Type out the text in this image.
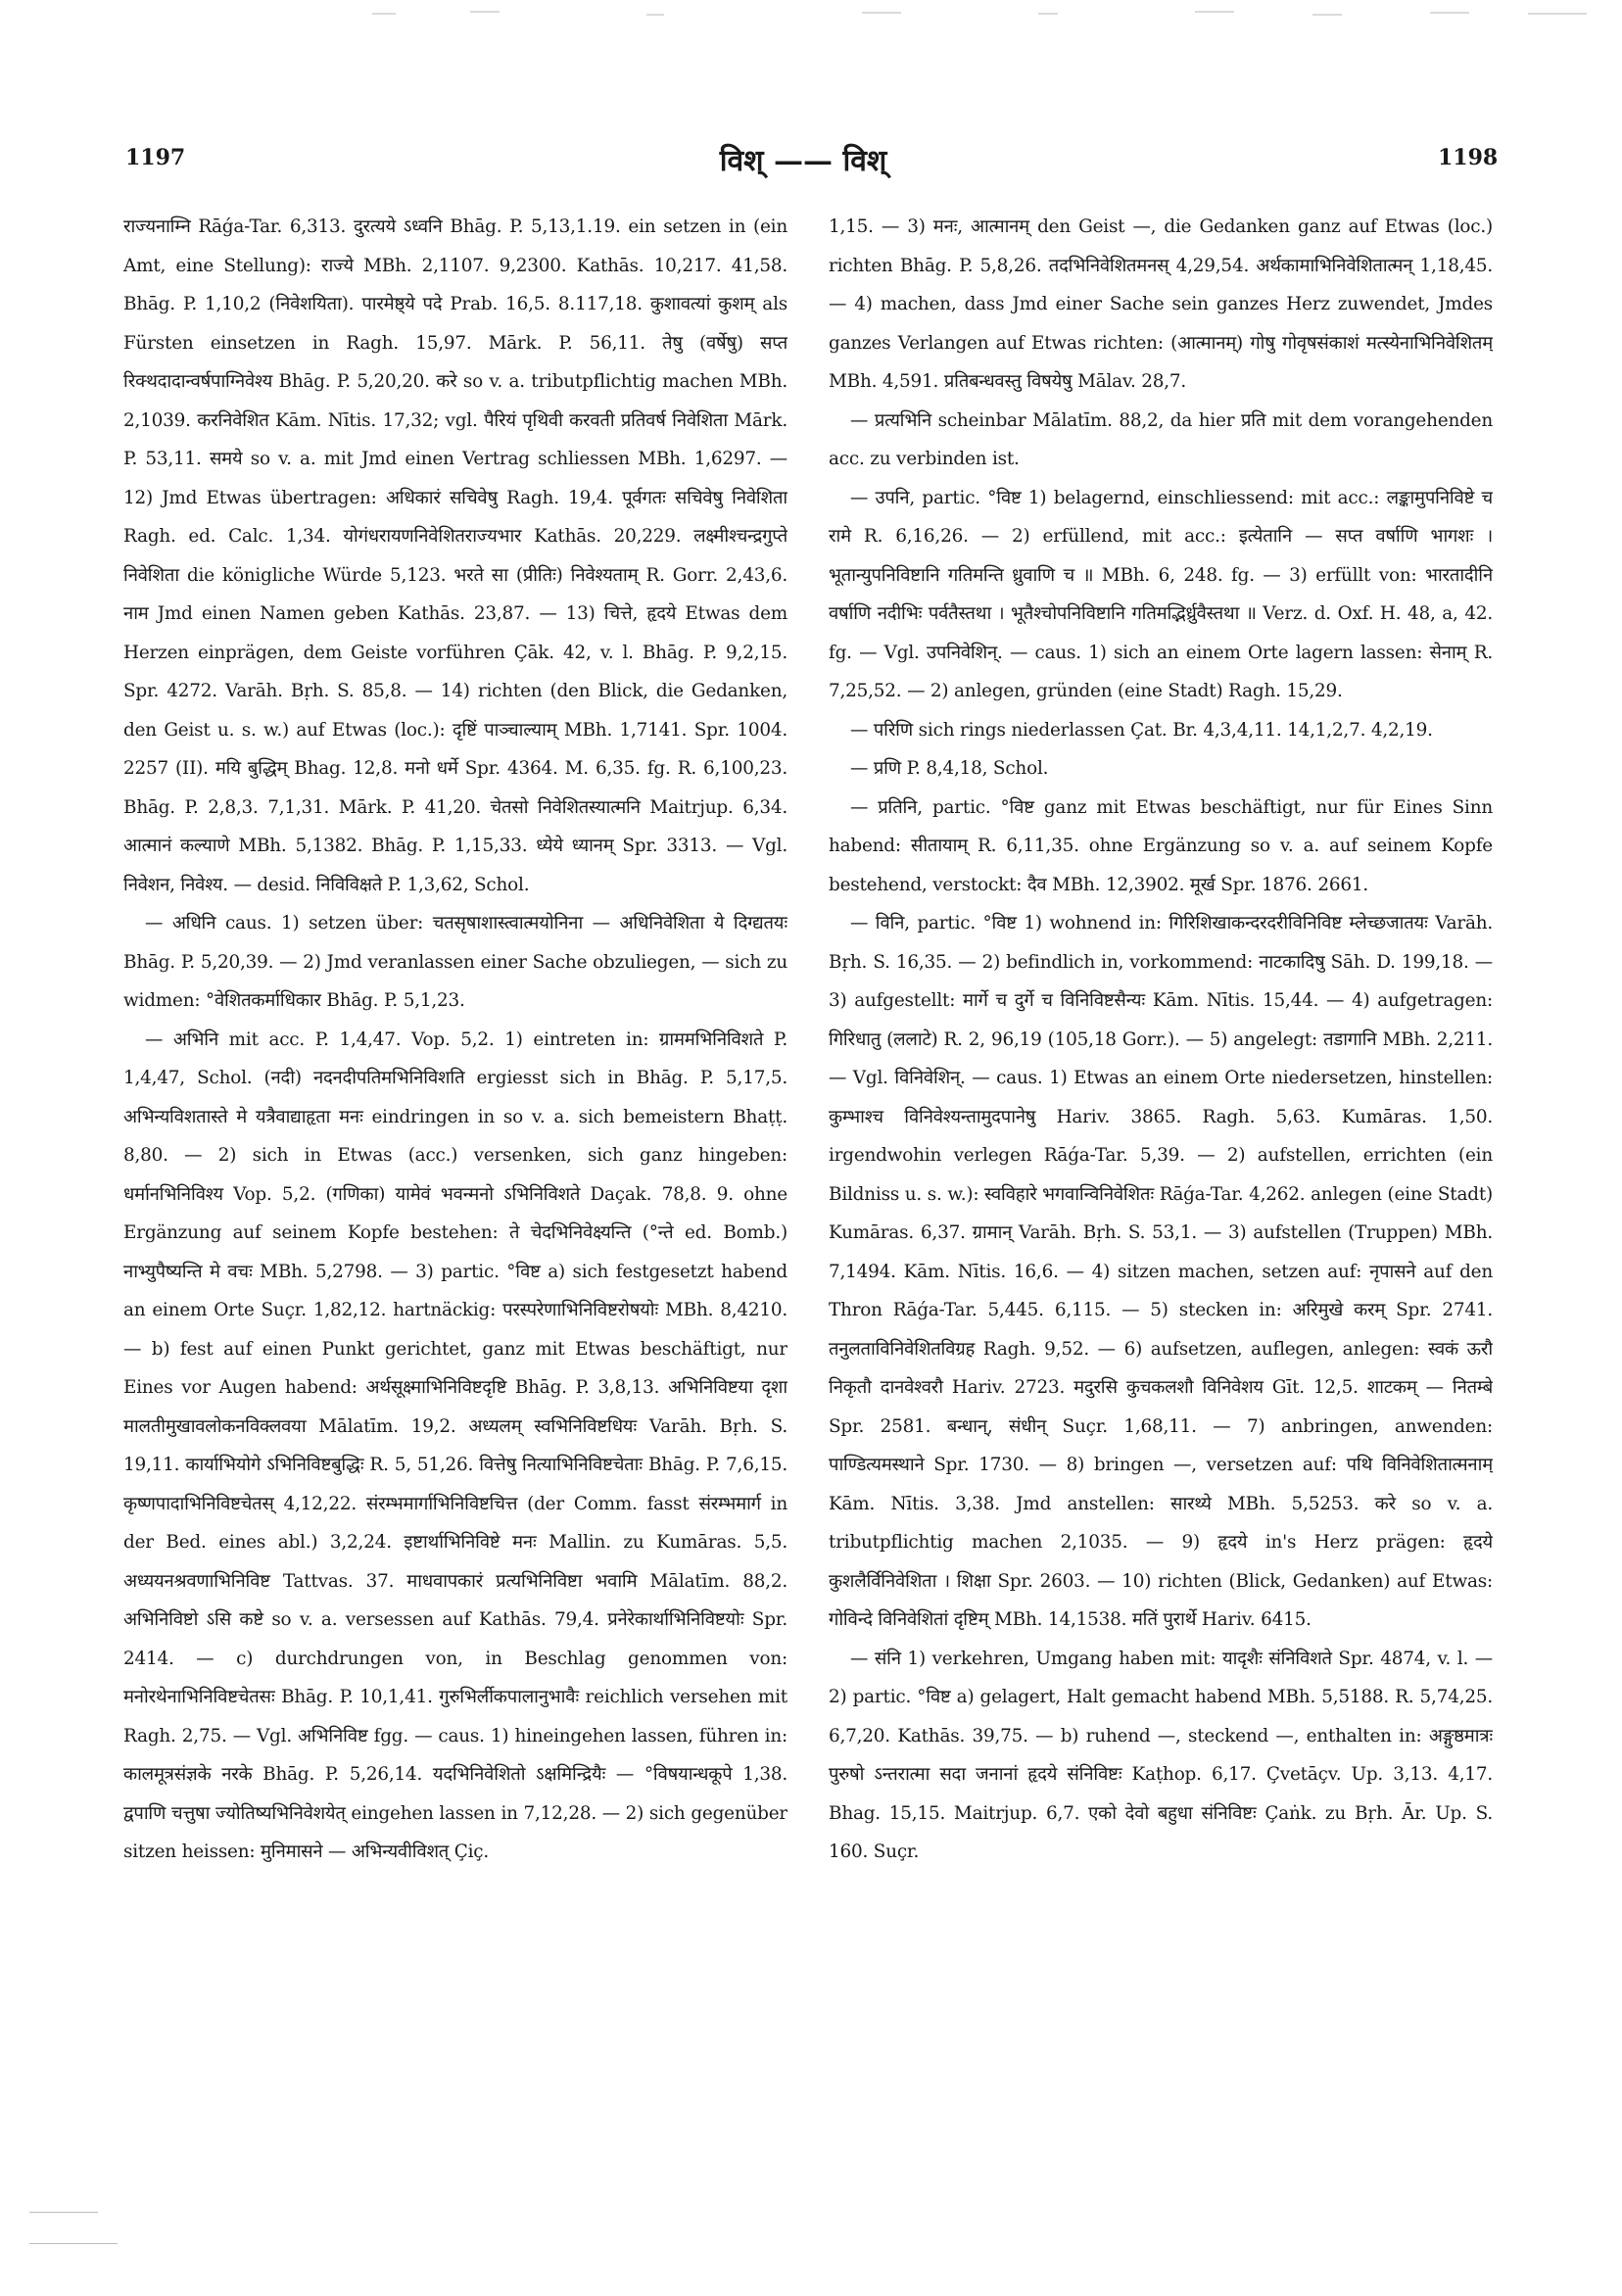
1197	विश् —— विश्	1198

राज्यनाम्नि Rāǵa-Tar. 6,313. दुरत्यये ऽध्वनि Bhāg. P. 5,13,1.19. ein setzen in (ein Amt, eine Stellung): राज्ये MBh. 2,1107. 9,2300. Kathās. 10,217. 41,58. Bhāg. P. 1,10,2 (निवेशयिता). पारमेष्ठ्ये पदे Prab. 16,5. 8.117,18. कुशावत्यां कुशम् als Fürsten einsetzen in Ragh. 15,97. Mārk. P. 56,11. तेषु (वर्षेषु) सप्त रिक्थदादान्वर्षपाग्निवेश्य Bhāg. P. 5,20,20. करे so v. a. tributpflichtig machen MBh. 2,1039. करनिवेशित Kām. Nītis. 17,32; vgl. पैरियं पृथिवी करवती प्रतिवर्ष निवेशिता Mārk. P. 53,11. समये so v. a. mit Jmd einen Vertrag schliessen MBh. 1,6297. — 12) Jmd Etwas übertragen: अधिकारं सचिवेषु Ragh. 19,4. पूर्वगतः सचिवेषु निवेशिता Ragh. ed. Calc. 1,34. योगंधरायणनिवेशितराज्यभार Kathās. 20,229. लक्ष्मीश्चन्द्रगुप्ते निवेशिता die königliche Würde 5,123. भरते सा (प्रीतिः) निवेश्यताम् R. Gorr. 2,43,6. नाम Jmd einen Namen geben Kathās. 23,87. — 13) चित्ते, हृदये Etwas dem Herzen einprägen, dem Geiste vorführen Çāk. 42, v. l. Bhāg. P. 9,2,15. Spr. 4272. Varāh. Bṛh. S. 85,8. — 14) richten (den Blick, die Gedanken, den Geist u. s. w.) auf Etwas (loc.): दृष्टिं पाञ्चाल्याम् MBh. 1,7141. Spr. 1004. 2257 (II). मयि बुद्धिम् Bhag. 12,8. मनो धर्मे Spr. 4364. M. 6,35. fg. R. 6,100,23. Bhāg. P. 2,8,3. 7,1,31. Mārk. P. 41,20. चेतसो निवेशितस्यात्मनि Maitrjup. 6,34. आत्मानं कल्याणे MBh. 5,1382. Bhāg. P. 1,15,33. ध्येये ध्यानम् Spr. 3313. — Vgl. निवेशन, निवेश्य. — desid. निविविक्षते P. 1,3,62, Schol.

— अधिनि caus. 1) setzen über: चतसृषाशास्त्वात्मयोनिना — अधिनिवेशिता ये दिग्द्यतयः Bhāg. P. 5,20,39. — 2) Jmd veranlassen einer Sache obzuliegen, — sich zu widmen: °वेशितकर्माधिकार Bhāg. P. 5,1,23.

— अभिनि mit acc. P. 1,4,47. Vop. 5,2. 1) eintreten in: ग्राममभिनिविशते P. 1,4,47, Schol. (नदी) नदनदीपतिमभिनिविशति ergiesst sich in Bhāg. P. 5,17,5. अभिन्यविशतास्ते मे यत्रैवाद्याहृता मनः eindringen in so v. a. sich bemeistern Bhaṭṭ. 8,80. — 2) sich in Etwas (acc.) versenken, sich ganz hingeben: धर्मानभिनिविश्य Vop. 5,2. (गणिका) यामेवं भवन्मनो ऽभिनिविशते Daçak. 78,8. 9. ohne Ergänzung auf seinem Kopfe bestehen: ते चेदभिनिवेक्ष्यन्ति (°न्ते ed. Bomb.) नाभ्युपैष्यन्ति मे वचः MBh. 5,2798. — 3) partic. °विष्ट a) sich festgesetzt habend an einem Orte Suçr. 1,82,12. hartnäckig: परस्परेणाभिनिविष्टरोषयोः MBh. 8,4210. — b) fest auf einen Punkt gerichtet, ganz mit Etwas beschäftigt, nur Eines vor Augen habend: अर्थसूक्ष्माभिनिविष्टदृष्टि Bhāg. P. 3,8,13. अभिनिविष्टया दृशा मालतीमुखावलोकनविक्लवया Mālatīm. 19,2. अध्यलम् स्वभिनिविष्टधियः Varāh. Bṛh. S. 19,11. कार्याभियोगे ऽभिनिविष्टबुद्धिः R. 5, 51,26. वित्तेषु नित्याभिनिविष्टचेताः Bhāg. P. 7,6,15. कृष्णपादाभिनिविष्टचेतस् 4,12,22. संरम्भमार्गाभिनिविष्टचित्त (der Comm. fasst संरम्भमार्ग in der Bed. eines abl.) 3,2,24. इष्टार्थाभिनिविष्टे मनः Mallin. zu Kumāras. 5,5. अध्ययनश्रवणाभिनिविष्ट Tattvas. 37. माधवापकारं प्रत्यभिनिविष्टा भवामि Mālatīm. 88,2. अभिनिविष्टो ऽसि कष्टे so v. a. versessen auf Kathās. 79,4. प्रनेरेकार्थाभिनिविष्टयोः Spr. 2414. — c) durchdrungen von, in Beschlag genommen von: मनोरथेनाभिनिविष्टचेतसः Bhāg. P. 10,1,41. गुरुभिर्लीकपालानुभावैः reichlich versehen mit Ragh. 2,75. — Vgl. अभिनिविष्ट fgg. — caus. 1) hineingehen lassen, führen in: कालमूत्रसंज्ञके नरके Bhāg. P. 5,26,14. यदभिनिवेशितो ऽक्षमिन्द्रियैः — °विषयान्धकूपे 1,38. द्वपाणि चत्तुषा ज्योतिष्यभिनिवेशयेत् eingehen lassen in 7,12,28. — 2) sich gegenüber sitzen heissen: मुनिमासने — अभिन्यवीविशत् Çiç.

1,15. — 3) मनः, आत्मानम् den Geist —, die Gedanken ganz auf Etwas (loc.) richten Bhāg. P. 5,8,26. तदभिनिवेशितमनस् 4,29,54. अर्थकामाभिनिवेशितात्मन् 1,18,45. — 4) machen, dass Jmd einer Sache sein ganzes Herz zuwendet, Jmdes ganzes Verlangen auf Etwas richten: (आत्मानम्) गोषु गोवृषसंकाशं मत्स्येनाभिनिवेशितम् MBh. 4,591. प्रतिबन्धवस्तु विषयेषु Mālav. 28,7.

— प्रत्यभिनि scheinbar Mālatīm. 88,2, da hier प्रति mit dem vorangehenden acc. zu verbinden ist.

— उपनि, partic. °विष्ट 1) belagernd, einschliessend: mit acc.: लङ्कामुपनिविष्टे च रामे R. 6,16,26. — 2) erfüllend, mit acc.: इत्येतानि — सप्त वर्षाणि भागशः । भूतान्युपनिविष्टानि गतिमन्ति ध्रुवाणि च ॥ MBh. 6, 248. fg. — 3) erfüllt von: भारतादीनि वर्षाणि नदीभिः पर्वतैस्तथा । भूतैश्चोपनिविष्टानि गतिमद्भिर्ध्रुवैस्तथा ॥ Verz. d. Oxf. H. 48, a, 42. fg. — Vgl. उपनिवेशिन्. — caus. 1) sich an einem Orte lagern lassen: सेनाम् R. 7,25,52. — 2) anlegen, gründen (eine Stadt) Ragh. 15,29.

— परिणि sich rings niederlassen Çat. Br. 4,3,4,11. 14,1,2,7. 4,2,19.

— प्रणि P. 8,4,18, Schol.

— प्रतिनि, partic. °विष्ट ganz mit Etwas beschäftigt, nur für Eines Sinn habend: सीतायाम् R. 6,11,35. ohne Ergänzung so v. a. auf seinem Kopfe bestehend, verstockt: दैव MBh. 12,3902. मूर्ख Spr. 1876. 2661.

— विनि, partic. °विष्ट 1) wohnend in: गिरिशिखाकन्दरदरीविनिविष्ट म्लेच्छजातयः Varāh. Bṛh. S. 16,35. — 2) befindlich in, vorkommend: नाटकादिषु Sāh. D. 199,18. — 3) aufgestellt: मार्गे च दुर्गे च विनिविष्टसैन्यः Kām. Nītis. 15,44. — 4) aufgetragen: गिरिधातु (ललाटे) R. 2, 96,19 (105,18 Gorr.). — 5) angelegt: तडागानि MBh. 2,211. — Vgl. विनिवेशिन्. — caus. 1) Etwas an einem Orte niedersetzen, hinstellen: कुम्भाश्च विनिवेश्यन्तामुदपानेषु Hariv. 3865. Ragh. 5,63. Kumāras. 1,50. irgendwohin verlegen Rāǵa-Tar. 5,39. — 2) aufstellen, errichten (ein Bildniss u. s. w.): स्वविहारे भगवान्विनिवेशितः Rāǵa-Tar. 4,262. anlegen (eine Stadt) Kumāras. 6,37. ग्रामान् Varāh. Bṛh. S. 53,1. — 3) aufstellen (Truppen) MBh. 7,1494. Kām. Nītis. 16,6. — 4) sitzen machen, setzen auf: नृपासने auf den Thron Rāǵa-Tar. 5,445. 6,115. — 5) stecken in: अरिमुखे करम् Spr. 2741. तनुलताविनिवेशितविग्रह Ragh. 9,52. — 6) aufsetzen, auflegen, anlegen: स्वकं ऊरौ निकृतौ दानवेश्वरौ Hariv. 2723. मदुरसि कुचकलशौ विनिवेशय Gīt. 12,5. शाटकम् — नितम्बे Spr. 2581. बन्धान्, संधीन् Suçr. 1,68,11. — 7) anbringen, anwenden: पाण्डित्यमस्थाने Spr. 1730. — 8) bringen —, versetzen auf: पथि विनिवेशितात्मनाम् Kām. Nītis. 3,38. Jmd anstellen: सारथ्ये MBh. 5,5253. करे so v. a. tributpflichtig machen 2,1035. — 9) हृदये in's Herz prägen: हृदये कुशलैर्विनिवेशिता । शिक्षा Spr. 2603. — 10) richten (Blick, Gedanken) auf Etwas: गोविन्दे विनिवेशितां दृष्टिम् MBh. 14,1538. मतिं पुरार्थे Hariv. 6415.

— संनि 1) verkehren, Umgang haben mit: यादृशैः संनिविशते Spr. 4874, v. l. — 2) partic. °विष्ट a) gelagert, Halt gemacht habend MBh. 5,5188. R. 5,74,25. 6,7,20. Kathās. 39,75. — b) ruhend —, steckend —, enthalten in: अङ्गुष्ठमात्रः पुरुषो ऽन्तरात्मा सदा जनानां हृदये संनिविष्टः Kaṭhop. 6,17. Çvetāçv. Up. 3,13. 4,17. Bhag. 15,15. Maitrjup. 6,7. एको देवो बहुधा संनिविष्टः Çaṅk. zu Bṛh. Ār. Up. S. 160. Suçr.
